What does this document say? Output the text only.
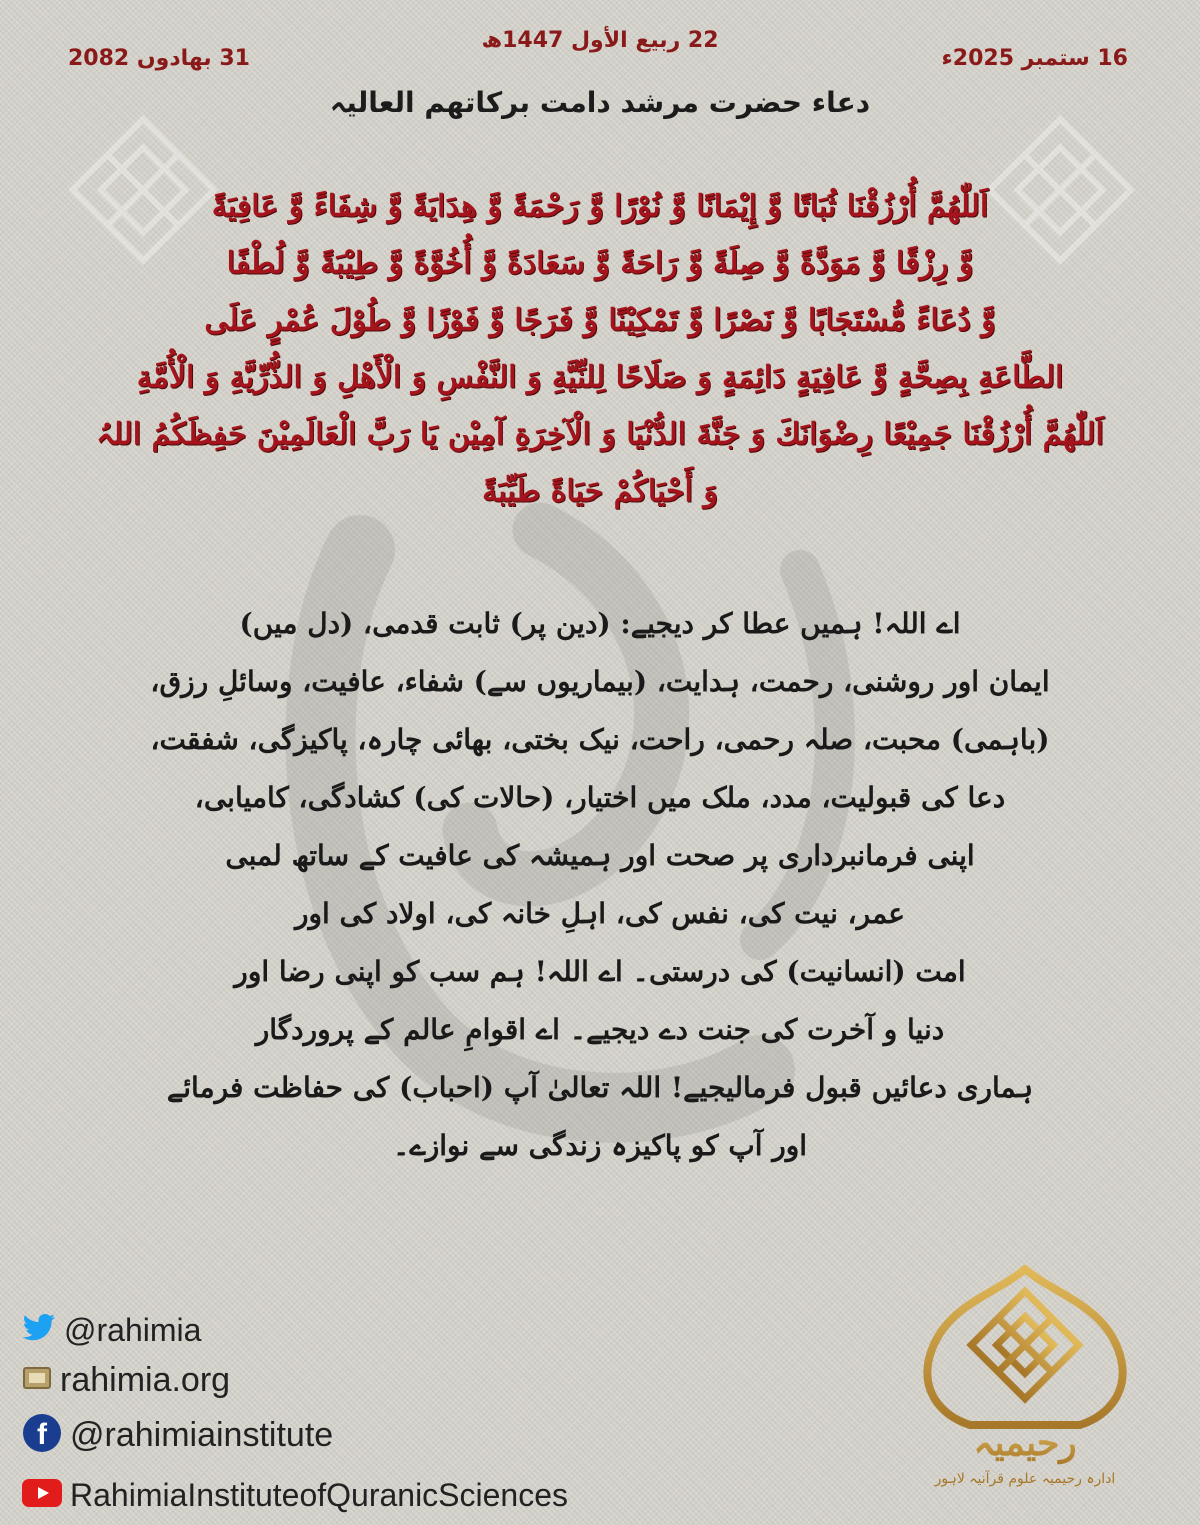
22 ربیع الأول 1447ھ
16 ستمبر 2025ء
31 بھادوں 2082
دعاء حضرت مرشد دامت برکاتھم العالیہ
اَللّٰھُمَّ أُرْزُقْنَا ثُبَاتًا وَّ إِیْمَانًا وَّ نُوْرًا وَّ رَحْمَةً وَّ ھِدَایَةً وَّ شِفَاءً وَّ عَافِیَةً
وَّ رِزْقًا وَّ مَوَدَّةً وَّ صِلَةً وَّ رَاحَةً وَّ سَعَادَةً وَّ أُخُوَّةً وَّ طِیْبَةً وَّ لُطْفًا
وَّ دُعَاءً مُّسْتَجَابًا وَّ نَصْرًا وَّ تَمْکِیْنًا وَّ فَرَجًا وَّ فَوْزًا وَّ طُوْلَ عُمْرٍ عَلَی
الطَّاعَةِ بِصِحَّةٍ وَّ عَافِیَةٍ دَائِمَةٍ وَ صَلَاحًا لِلنِّیَّةِ وَ النَّفْسِ وَ الْأَھْلِ وَ الذُّرِّیَّةِ وَ الْأُمَّةِ
اَللّٰھُمَّ أُرْزُقْنَا جَمِیْعًا رِضْوَانَكَ وَ جَنَّةَ الدُّنْیَا وَ الْآخِرَةِ آمِیْن یَا رَبَّ الْعَالَمِیْنَ حَفِظَکُمُ اللہُ
وَ أَحْیَاکُمْ حَیَاةً طَیِّبَةً
اے اللہ! ہمیں عطا کر دیجیے: (دین پر) ثابت قدمی، (دل میں)
ایمان اور روشنی، رحمت، ہدایت، (بیماریوں سے) شفاء، عافیت، وسائلِ رزق،
(باہمی) محبت، صلہ رحمی، راحت، نیک بختی، بھائی چارہ، پاکیزگی، شفقت،
دعا کی قبولیت، مدد، ملک میں اختیار، (حالات کی) کشادگی، کامیابی،
اپنی فرمانبرداری پر صحت اور ہمیشہ کی عافیت کے ساتھ لمبی
عمر، نیت کی، نفس کی، اہلِ خانہ کی، اولاد کی اور
امت (انسانیت) کی درستی۔ اے اللہ! ہم سب کو اپنی رضا اور
دنیا و آخرت کی جنت دے دیجیے۔ اے اقوامِ عالم کے پروردگار
ہماری دعائیں قبول فرمالیجیے! اللہ تعالیٰ آپ (احباب) کی حفاظت فرمائے
اور آپ کو پاکیزہ زندگی سے نوازے۔
@rahimia
rahimia.org
f @rahimiainstitute
RahimiaInstituteofQuranicSciences
رحیمیہ
ادارہ رحیمیہ علوم قرآنیہ لاہور
